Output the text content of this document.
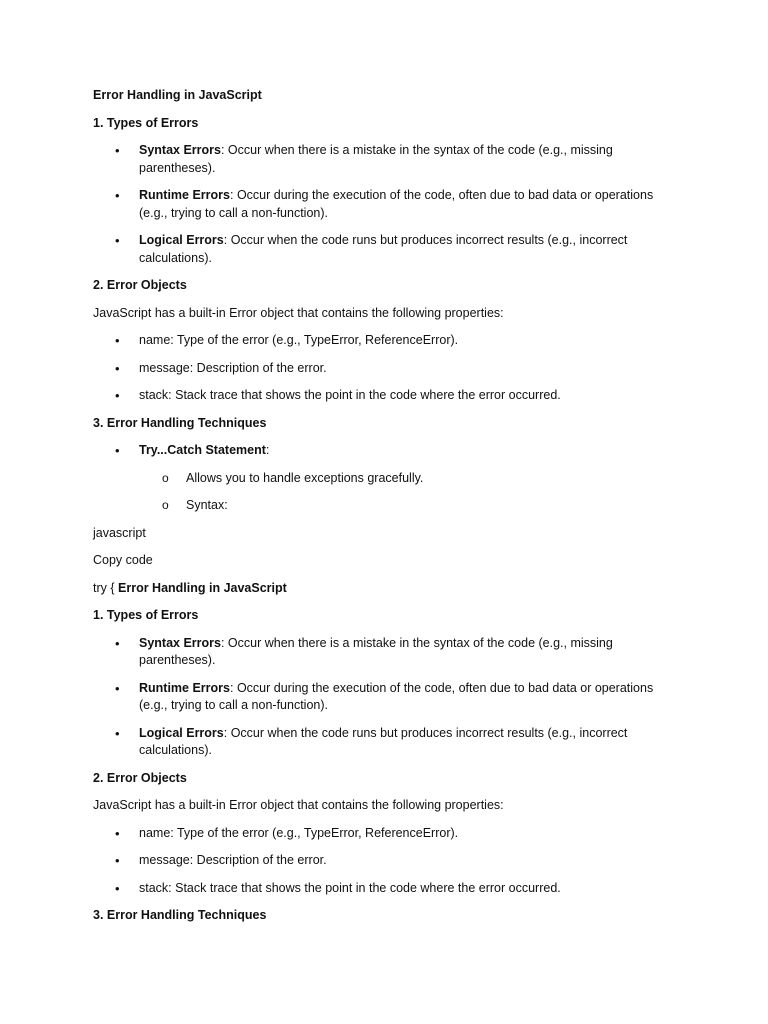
Error Handling in JavaScript

1. Types of Errors

• Syntax Errors: Occur when there is a mistake in the syntax of the code (e.g., missing parentheses).
• Runtime Errors: Occur during the execution of the code, often due to bad data or operations (e.g., trying to call a non-function).
• Logical Errors: Occur when the code runs but produces incorrect results (e.g., incorrect calculations).

2. Error Objects

JavaScript has a built-in Error object that contains the following properties:

• name: Type of the error (e.g., TypeError, ReferenceError).
• message: Description of the error.
• stack: Stack trace that shows the point in the code where the error occurred.

3. Error Handling Techniques

• Try...Catch Statement:
o Allows you to handle exceptions gracefully.
o Syntax:

javascript

Copy code

try { Error Handling in JavaScript

1. Types of Errors

• Syntax Errors: Occur when there is a mistake in the syntax of the code (e.g., missing parentheses).
• Runtime Errors: Occur during the execution of the code, often due to bad data or operations (e.g., trying to call a non-function).
• Logical Errors: Occur when the code runs but produces incorrect results (e.g., incorrect calculations).

2. Error Objects

JavaScript has a built-in Error object that contains the following properties:

• name: Type of the error (e.g., TypeError, ReferenceError).
• message: Description of the error.
• stack: Stack trace that shows the point in the code where the error occurred.

3. Error Handling Techniques
